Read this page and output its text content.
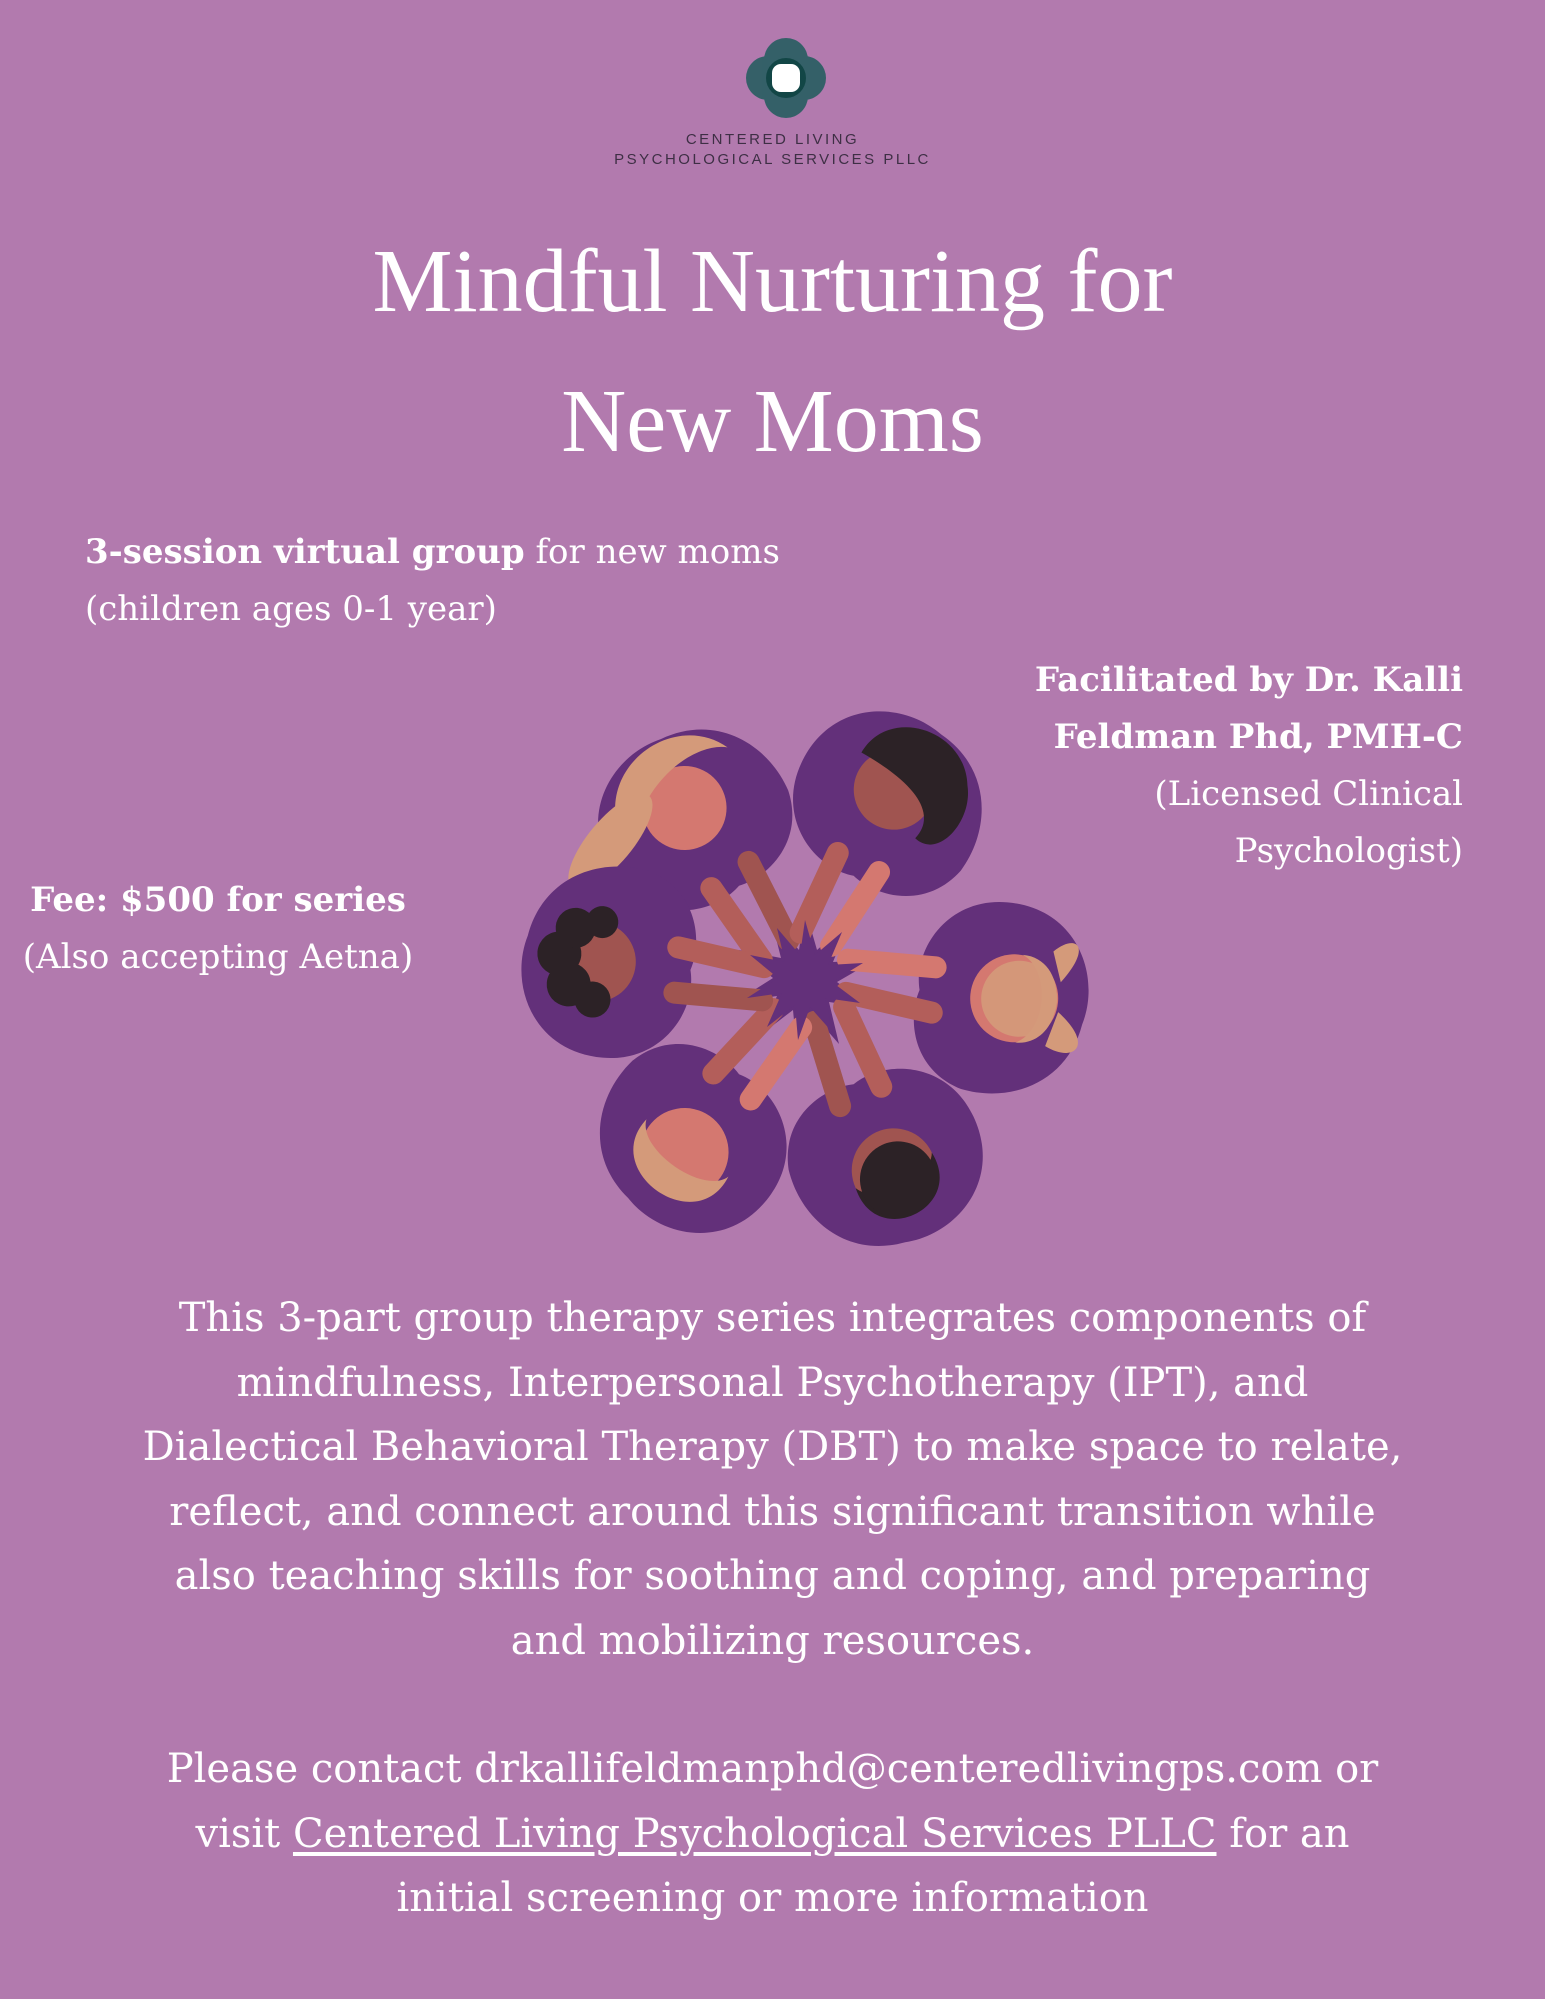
CENTERED LIVING
PSYCHOLOGICAL SERVICES PLLC
Mindful Nurturing for
New Moms
3-session virtual group for new moms
(children ages 0-1 year)
Facilitated by Dr. Kalli
Feldman Phd, PMH-C
(Licensed Clinical
Psychologist)
Fee: $500 for series
(Also accepting Aetna)
This 3-part group therapy series integrates components of
mindfulness, Interpersonal Psychotherapy (IPT), and
Dialectical Behavioral Therapy (DBT) to make space to relate,
reflect, and connect around this significant transition while
also teaching skills for soothing and coping, and preparing
and mobilizing resources.
Please contact drkallifeldmanphd@centeredlivingps.com or
visit Centered Living Psychological Services PLLC for an
initial screening or more information
